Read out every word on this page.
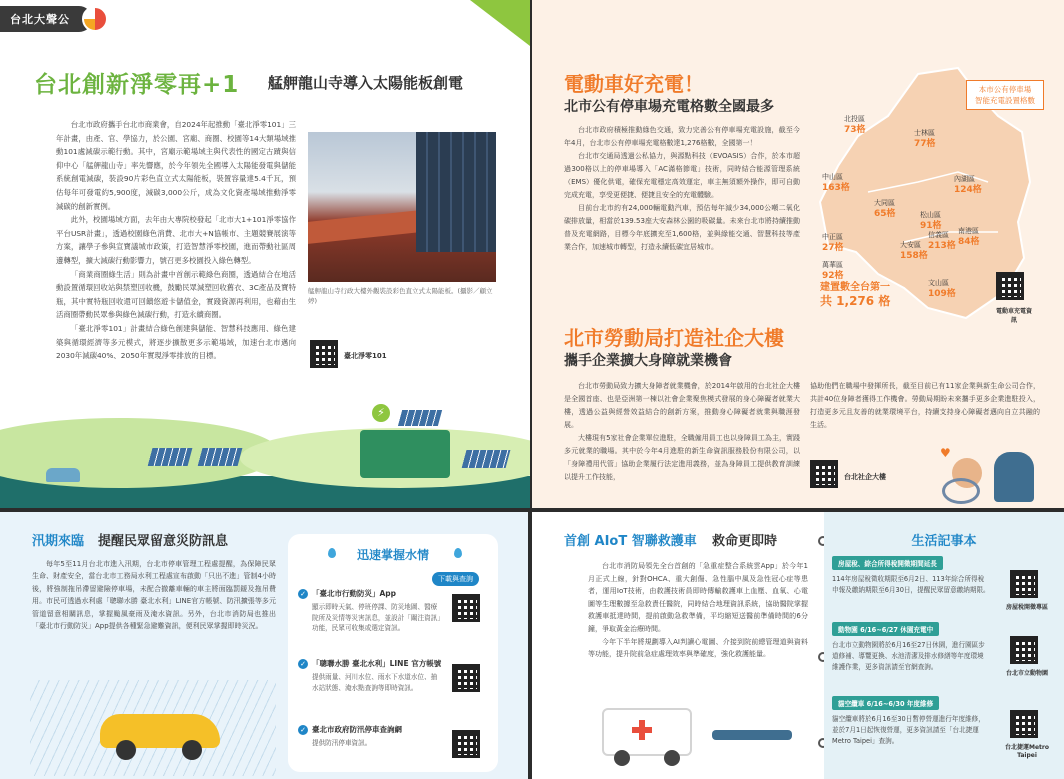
台北大聲公
台北創新淨零再+1 艋舺龍山寺導入太陽能板創電

台北市政府攜手台北市商業會，自2024年起推動「臺北淨零101」三年計畫，由產、官、學協力，於公園、宮廟、商圈、校園等14大類場域推動101處減碳示範行動。其中，宮廟示範場域主與代表性的國定古蹟與信仰中心「艋舺龍山寺」率先響應，於今年領先全國導入太陽能發電與儲能系統創電減碳，裝設90片彩色直立式太陽能板，裝置容量達5.4千瓦，預估每年可發電約5,900度，減碳3,000公斤，成為文化資產場域推動淨零減碳的創新實例。

此外，校園場域方面，去年由大專院校發起「北市大1+101淨零協作平台USR計畫」，透過校園綠色消費、北市大+N協帳市、主題競賽展演等方案，讓學子參與宣寶議城市政策，打造智慧淨零校園，進而帶動社區周邊轉型，擴大減碳行動影響力，號召更多校園投入綠色轉型。

「商業商圈綠生活」則為計畫中首創示範綠色商圈，透過結合在地活動設置循環回收站與禁塑回收機，鼓勵民眾減塑回收舊衣、3C產品及寶特瓶，其中實特瓶回收還可回饋悠遊卡儲值金，實踐資源再利用，也藉由生活商圈帶動民眾參與綠色減碳行動，打造永續商圈。

「臺北淨零101」計畫結合綠色創建與儲能、智慧科技應用、綠色建築與循環經濟等多元模式，將逐步擴散更多示範場域，加速台北市邁向2030年減碳40%、2050年實現淨零排放的目標。

艋舺龍山寺行政大樓外觀裝設彩色直立式太陽能板。(攝影／顧立婷)
臺北淨零101
⚡
電動車好充電！
北市公有停車場充電格數全國最多

台北市政府積極推動綠色交通，致力完善公有停車場充電設施，截至今年4月，台北市公有停車場充電格數達1,276格數，全國第一！

台北市交通局透過公私協力，與源點科技（EVOASIS）合作，於本市超過300格以上的停車場導入「AC滿格節電」技術，同時結合能源管理系統（EMS）優化供電，確保充電穩定高效運定，車主無須額外操作，即可自動完成充電，享受更便捷、便捷且安全的充電體驗。

目前台北市約有24,000輛電動汽車，預估每年減少34,000公噸二氧化碳排放量，相當於139.53座大安森林公園的吸碳量。未來台北市將持續推動普及充電網路，目標今年底擴充至1,600格，並與綠能交通、智慧科技等產業合作，加速城市轉型，打造永續低碳宜居城市。

本市公有停車場
智能充電設置格數
北投區
73格	士林區
77格
中山區
163格
內湖區
124格
大同區
65格	松山區
91格
中正區
27格
南港區
84格
萬華區
92格
信義區
213格
大安區
158格
文山區
109格
建置數全台第一
共 1,276 格
電動車充電資訊
北市勞動局打造社企大樓
攜手企業擴大身障就業機會

台北市勞動局致力擴大身障者就業機會，於2014年啟用的台北社企大樓是全國首座、也是亞洲第一棟以社會企業聚焦模式發展的身心障礙者就業大樓，透過公益與經營效益結合的創新方案，推動身心障礙者就業與職涯發展。

大樓現有5家社會企業單位進駐，全職僱用員工也以身障員工為主，實踐多元就業的職場。其中於今年4月進駐的新生命資訊服務股份有限公司，以「身障禮用代管」協助企業履行法定進用義務，並為身障員工提供教育訓練以提升工作技能，

協助他們在職場中發揮所長，截至目前已有11家企業與新生命公司合作，共計40位身障者獲得工作機會。勞動局期盼未來攜手更多企業進駐投入，打造更多元且友善的就業環境平台，持續支持身心障礙者邁向自立共融的生活。

台北社企大樓
♥
汛期來臨 提醒民眾留意災防訊息

每年5至11月台北市進入汛期，台北市停車管理工程處提醒，為保障民眾生命、財產安全，當台北市工務局水利工程處宣布啟動「只出不進」管制4小時後，將強制拖吊滯留避險停車場，未配合撤離車輛的車主將面臨罰鍰及拖吊費用。市民可透過水利處「聰聯水勝 臺北水利」LINE官方帳號、防汛擴張等多元管道留意相關訊息，掌握颱風豪雨及淹水資訊。另外，台北市消防局也推出「臺北市行動防災」App提供各種緊急避難資訊，便利民眾掌握即時災況。

迅速掌握水情
下載與查詢
✓ 「臺北市行動防災」App
顯示即時天氣、停班停課、防災地圖、醫療院所及災情等災害訊息，並設計「關注資訊」功能，民眾可收集或選定資訊。
✓ 「聰聯水勝 臺北水利」LINE 官方帳號
提供雨量、河川水位、雨水下水道水位、抽水站狀態、淹水點查詢等即時資訊。
✓ 臺北市政府防汛停車查詢網
提供防汛停車資訊。
首創 AIoT 智聯救護車 救命更即時

台北市消防局領先全台首創的「急重症整合系統雲App」於今年1月正式上線，針對OHCA、重大創傷、急性腦中風及急性冠心症等患者，運用IoT技術，由救護技術員即時傳輸救護車上血壓、血氧、心電圖等生理數據至急救責任醫院，同時結合地理資訊系統，協助醫院掌握救護車抵達時間，提前啟動急救準備，平均縮短送醫前準備時間的6分鐘，爭取黃金治療時間。

今年下半年將規劃導入AI判讀心電圖、介接到院前總管理道與資料等功能，提升院前急症處理效率與準確度，強化救護能量。

生活記事本
房屋稅、綜合所得稅開徵期間延長
114年房屋稅徵收期限至6月2日、113年綜合所得稅申報及繳納期限至6月30日，提醒民眾留意繳納期限。
房屋稅開徵專區
動物園 6/16~6/27 休園充電中
台北市立動物園將於6月16至27日休園，進行園區步道修補、導覽更換、水池清潔及排水修繕等年度環境維護作業，更多資訊請至官網查詢。
台北市立動物園
貓空纜車 6/16~6/30 年度維修
貓空纜車將於6月16至30日暫停營運進行年度維修，並於7月1日起恢復營運，更多資訊請至「台北捷運 Metro Taipei」查詢。
台北捷運Metro Taipei
